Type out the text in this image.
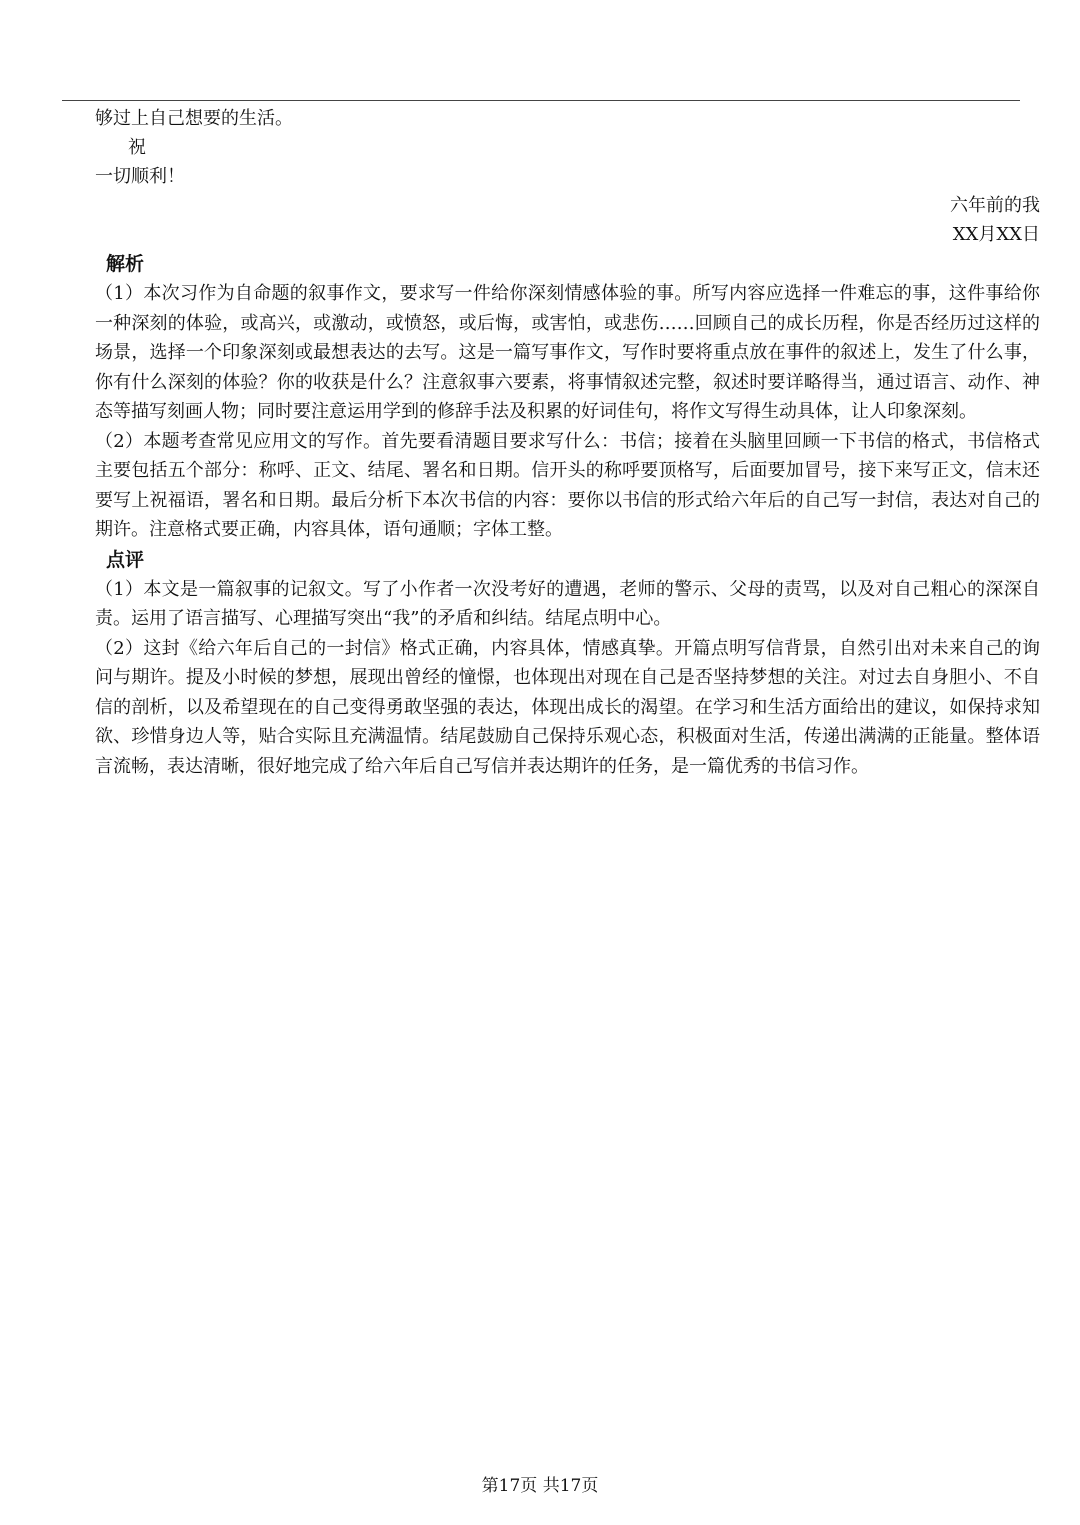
够过上自己想要的生活。

祝

一切顺利！

六年前的我

XX月XX日

解析

（1）本次习作为自命题的叙事作文，要求写一件给你深刻情感体验的事。所写内容应选择一件难忘的事，这件事给你一种深刻的体验，或高兴，或激动，或愤怒，或后悔，或害怕，或悲伤……回顾自己的成长历程，你是否经历过这样的场景，选择一个印象深刻或最想表达的去写。这是一篇写事作文，写作时要将重点放在事件的叙述上，发生了什么事，你有什么深刻的体验？你的收获是什么？注意叙事六要素，将事情叙述完整，叙述时要详略得当，通过语言、动作、神态等描写刻画人物；同时要注意运用学到的修辞手法及积累的好词佳句，将作文写得生动具体，让人印象深刻。

（2）本题考查常见应用文的写作。首先要看清题目要求写什么：书信；接着在头脑里回顾一下书信的格式，书信格式主要包括五个部分：称呼、正文、结尾、署名和日期。信开头的称呼要顶格写，后面要加冒号，接下来写正文，信末还要写上祝福语，署名和日期。最后分析下本次书信的内容：要你以书信的形式给六年后的自己写一封信，表达对自己的期许。注意格式要正确，内容具体，语句通顺；字体工整。

点评

（1）本文是一篇叙事的记叙文。写了小作者一次没考好的遭遇，老师的警示、父母的责骂，以及对自己粗心的深深自责。运用了语言描写、心理描写突出“我”的矛盾和纠结。结尾点明中心。

（2）这封《给六年后自己的一封信》格式正确，内容具体，情感真挚。开篇点明写信背景，自然引出对未来自己的询问与期许。提及小时候的梦想，展现出曾经的憧憬，也体现出对现在自己是否坚持梦想的关注。对过去自身胆小、不自信的剖析，以及希望现在的自己变得勇敢坚强的表达，体现出成长的渴望。在学习和生活方面给出的建议，如保持求知欲、珍惜身边人等，贴合实际且充满温情。结尾鼓励自己保持乐观心态，积极面对生活，传递出满满的正能量。整体语言流畅，表达清晰，很好地完成了给六年后自己写信并表达期许的任务，是一篇优秀的书信习作。

第17页 共17页
